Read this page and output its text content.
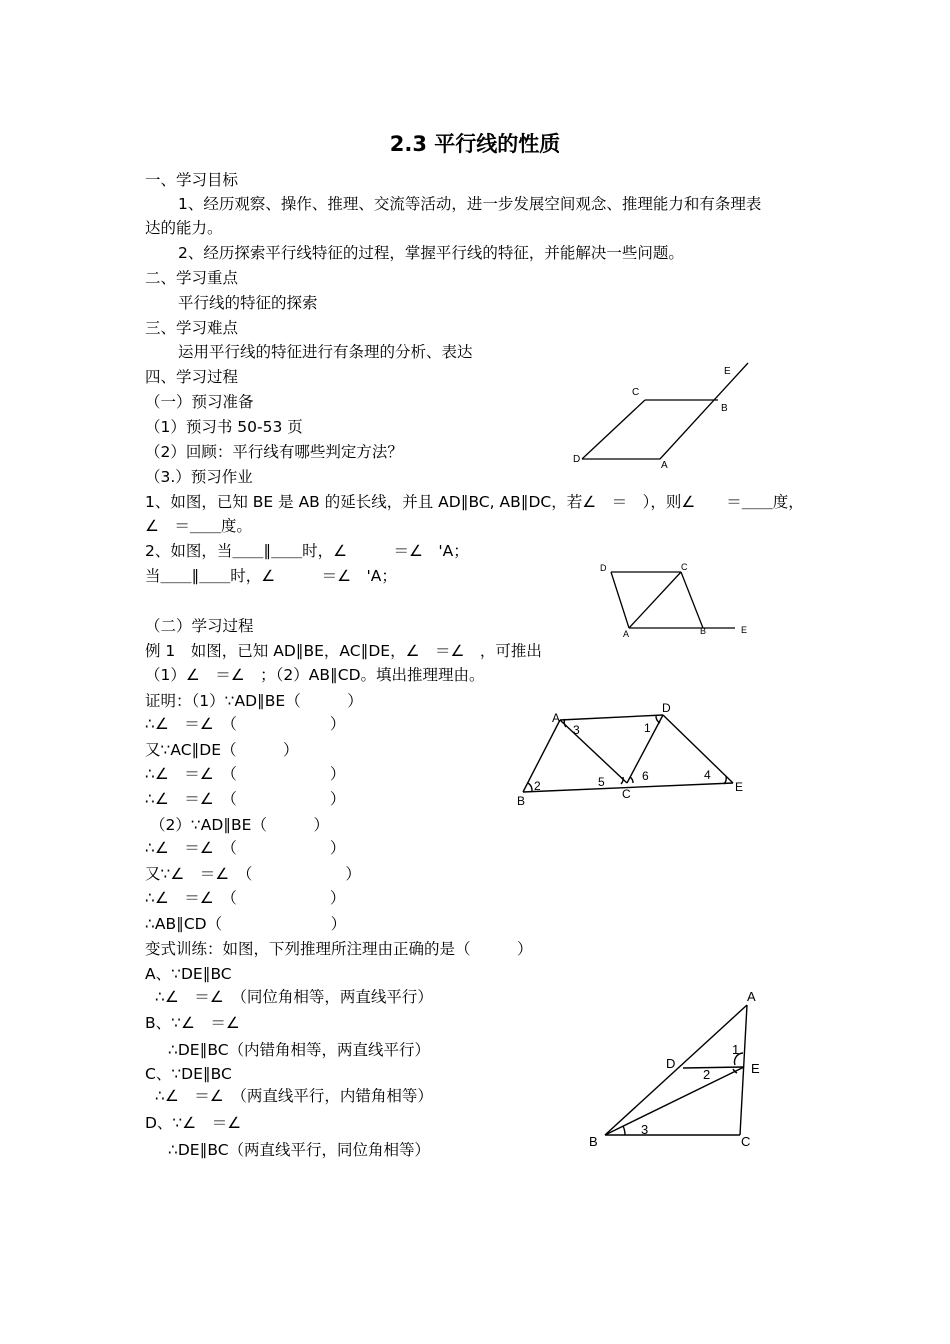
2.3 平行线的性质
一、学习目标
1、经历观察、操作、推理、交流等活动，进一步发展空间观念、推理能力和有条理表
达的能力。
2、经历探索平行线特征的过程，掌握平行线的特征，并能解决一些问题。
二、学习重点
平行线的特征的探索
三、学习难点
运用平行线的特征进行有条理的分析、表达
四、学习过程
（一）预习准备
（1）预习书 50-53 页
（2）回顾：平行线有哪些判定方法？
（3.）预习作业
1、如图，已知 BE 是 AB 的延长线，并且 AD∥BC, AB∥DC，若∠　＝　），则∠　　＝＿＿度，
∠　＝＿＿度。
2、如图，当＿＿∥＿＿时，∠　　　＝∠　'A；
当＿＿∥＿＿时，∠　　　＝∠　'A；
（二）学习过程
例 1　如图，已知 AD∥BE，AC∥DE，∠　＝∠　，可推出
（1）∠　＝∠　；（2）AB∥CD。填出推理理由。
证明：（1）∵AD∥BE（　　　）
∴∠　＝∠　（　　　　　　）
又∵AC∥DE（　　　）
∴∠　＝∠　（　　　　　　）
∴∠　＝∠　（　　　　　　）
（2）∵AD∥BE（　　　）
∴∠　＝∠　（　　　　　　）
又∵∠　＝∠　（　　　　　　）
∴∠　＝∠　（　　　　　　）
∴AB∥CD（　　　　　　　）
变式训练：如图，下列推理所注理由正确的是（　　　）
A、∵DE∥BC
∴∠　＝∠　（同位角相等，两直线平行）
B、∵∠　＝∠
∴DE∥BC（内错角相等，两直线平行）
C、∵DE∥BC
∴∠　＝∠　（两直线平行，内错角相等）
D、∵∠　＝∠
∴DE∥BC（两直线平行，同位角相等）
C
E
B
D
A
D	C
A	B	E
A
D
3	1
2	5	6	4
B	C	E
A
D
1
2	E
B
3
C
